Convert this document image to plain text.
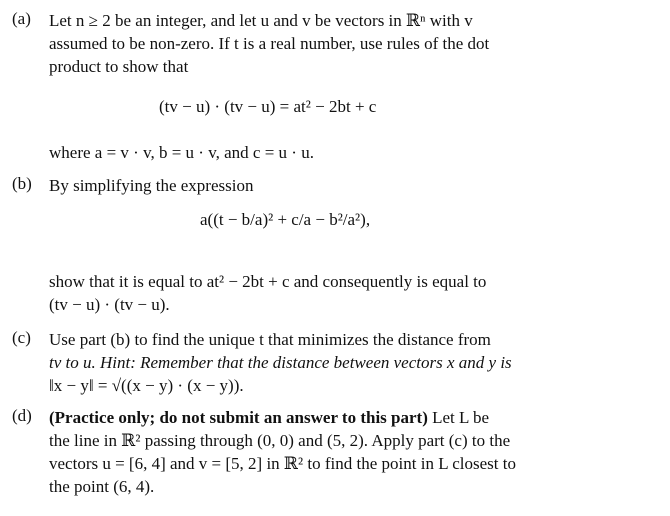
(a) Let n ≥ 2 be an integer, and let u and v be vectors in ℝⁿ with v
assumed to be non-zero. If t is a real number, use rules of the dot
product to show that
(tv − u) · (tv − u) = at² − 2bt + c
where a = v · v, b = u · v, and c = u · u.
(b) By simplifying the expression
a((t − b/a)² + c/a − b²/a²),
show that it is equal to at² − 2bt + c and consequently is equal to
(tv − u) · (tv − u).
(c) Use part (b) to find the unique t that minimizes the distance from
tv to u. Hint: Remember that the distance between vectors x and y is
‖x − y‖ = √((x − y) · (x − y)).
(d) (Practice only; do not submit an answer to this part) Let L be
the line in ℝ² passing through (0, 0) and (5, 2). Apply part (c) to the
vectors u = [6, 4] and v = [5, 2] in ℝ² to find the point in L closest to
the point (6, 4).
